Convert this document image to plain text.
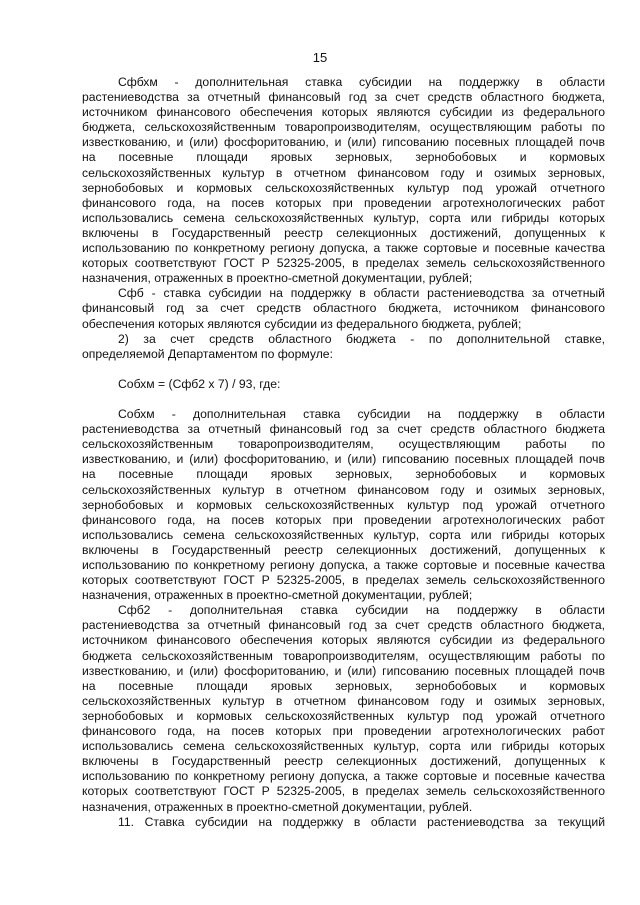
15
Сфбхм - дополнительная ставка субсидии на поддержку в области
растениеводства за отчетный финансовый год за счет средств областного бюджета,
источником финансового обеспечения которых являются субсидии из федерального
бюджета, сельскохозяйственным товаропроизводителям, осуществляющим работы по
известкованию, и (или) фосфоритованию, и (или) гипсованию посевных площадей почв
на посевные площади яровых зерновых, зернобобовых и кормовых
сельскохозяйственных культур в отчетном финансовом году и озимых зерновых,
зернобобовых и кормовых сельскохозяйственных культур под урожай отчетного
финансового года, на посев которых при проведении агротехнологических работ
использовались семена сельскохозяйственных культур, сорта или гибриды которых
включены в Государственный реестр селекционных достижений, допущенных к
использованию по конкретному региону допуска, а также сортовые и посевные качества
которых соответствуют ГОСТ Р 52325-2005, в пределах земель сельскохозяйственного
назначения, отраженных в проектно-сметной документации, рублей;
Сфб - ставка субсидии на поддержку в области растениеводства за отчетный
финансовый год за счет средств областного бюджета, источником финансового
обеспечения которых являются субсидии из федерального бюджета, рублей;
2) за счет средств областного бюджета - по дополнительной ставке,
определяемой Департаментом по формуле:
Собхм = (Сфб2 x 7) / 93, где:
Собхм - дополнительная ставка субсидии на поддержку в области
растениеводства за отчетный финансовый год за счет средств областного бюджета
сельскохозяйственным товаропроизводителям, осуществляющим работы по
известкованию, и (или) фосфоритованию, и (или) гипсованию посевных площадей почв
на посевные площади яровых зерновых, зернобобовых и кормовых
сельскохозяйственных культур в отчетном финансовом году и озимых зерновых,
зернобобовых и кормовых сельскохозяйственных культур под урожай отчетного
финансового года, на посев которых при проведении агротехнологических работ
использовались семена сельскохозяйственных культур, сорта или гибриды которых
включены в Государственный реестр селекционных достижений, допущенных к
использованию по конкретному региону допуска, а также сортовые и посевные качества
которых соответствуют ГОСТ Р 52325-2005, в пределах земель сельскохозяйственного
назначения, отраженных в проектно-сметной документации, рублей;
Сфб2 - дополнительная ставка субсидии на поддержку в области
растениеводства за отчетный финансовый год за счет средств областного бюджета,
источником финансового обеспечения которых являются субсидии из федерального
бюджета сельскохозяйственным товаропроизводителям, осуществляющим работы по
известкованию, и (или) фосфоритованию, и (или) гипсованию посевных площадей почв
на посевные площади яровых зерновых, зернобобовых и кормовых
сельскохозяйственных культур в отчетном финансовом году и озимых зерновых,
зернобобовых и кормовых сельскохозяйственных культур под урожай отчетного
финансового года, на посев которых при проведении агротехнологических работ
использовались семена сельскохозяйственных культур, сорта или гибриды которых
включены в Государственный реестр селекционных достижений, допущенных к
использованию по конкретному региону допуска, а также сортовые и посевные качества
которых соответствуют ГОСТ Р 52325-2005, в пределах земель сельскохозяйственного
назначения, отраженных в проектно-сметной документации, рублей.
11. Ставка субсидии на поддержку в области растениеводства за текущий
